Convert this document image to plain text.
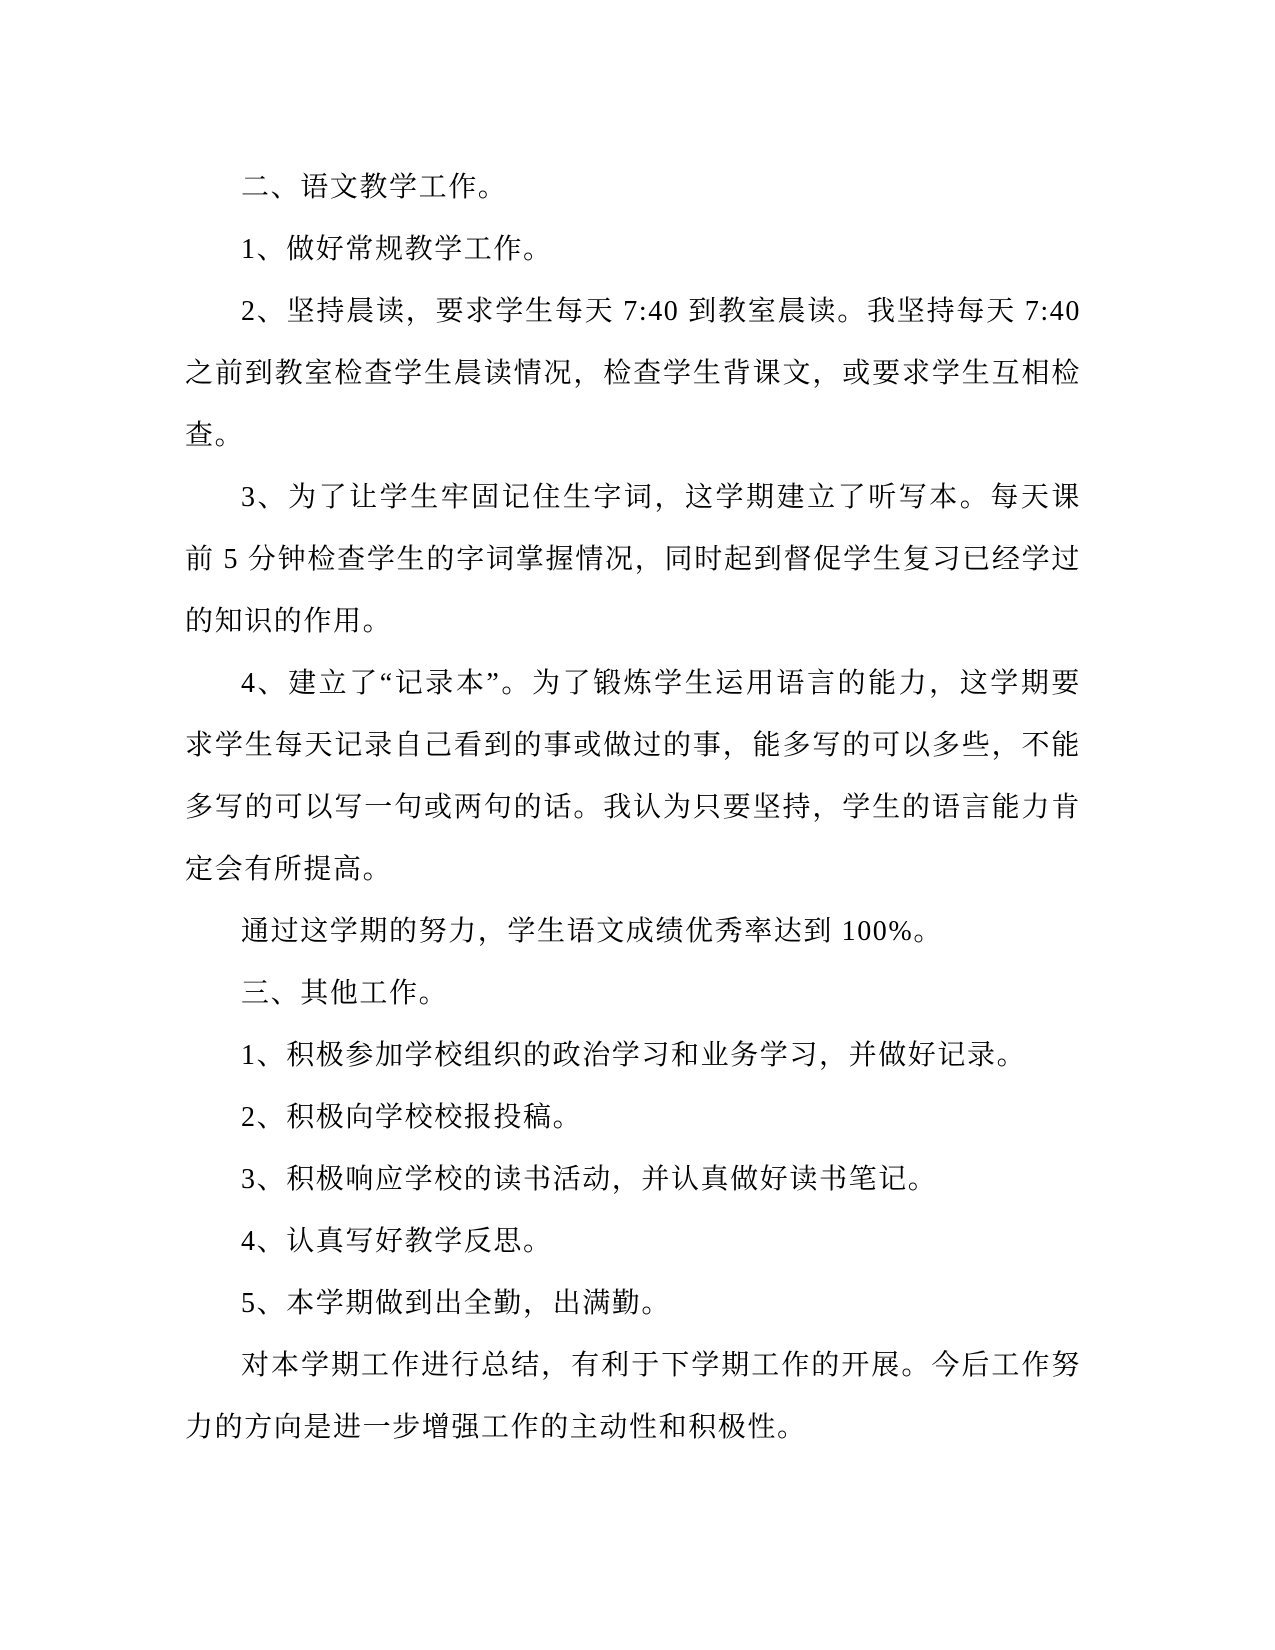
二、语文教学工作。

1、做好常规教学工作。

2、坚持晨读，要求学生每天 7:40 到教室晨读。我坚持每天 7:40 之前到教室检查学生晨读情况，检查学生背课文，或要求学生互相检查。

3、为了让学生牢固记住生字词，这学期建立了听写本。每天课前 5 分钟检查学生的字词掌握情况，同时起到督促学生复习已经学过的知识的作用。

4、建立了“记录本”。为了锻炼学生运用语言的能力，这学期要求学生每天记录自己看到的事或做过的事，能多写的可以多些，不能多写的可以写一句或两句的话。我认为只要坚持，学生的语言能力肯定会有所提高。

通过这学期的努力，学生语文成绩优秀率达到 100%。

三、其他工作。

1、积极参加学校组织的政治学习和业务学习，并做好记录。

2、积极向学校校报投稿。

3、积极响应学校的读书活动，并认真做好读书笔记。

4、认真写好教学反思。

5、本学期做到出全勤，出满勤。

对本学期工作进行总结，有利于下学期工作的开展。今后工作努力的方向是进一步增强工作的主动性和积极性。
